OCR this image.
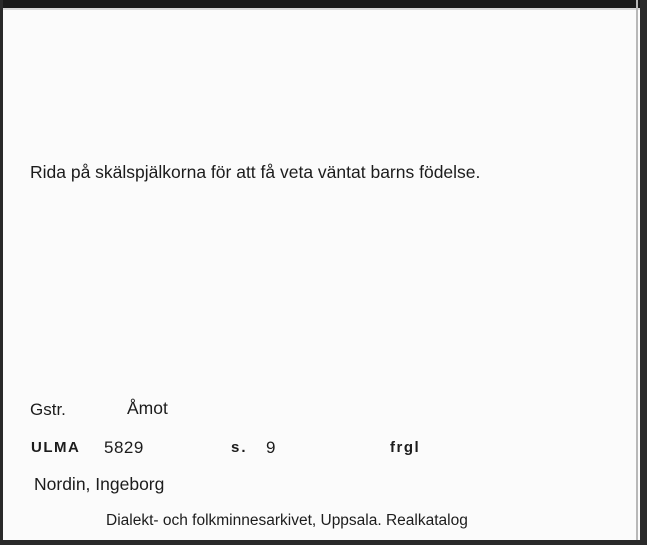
Rida på skälspjälkorna för att få veta väntat barns födelse.
Gstr.	Åmot
ULMA 5829	s. 9	frgl
Nordin, Ingeborg
Dialekt- och folkminnesarkivet, Uppsala. Realkatalog
